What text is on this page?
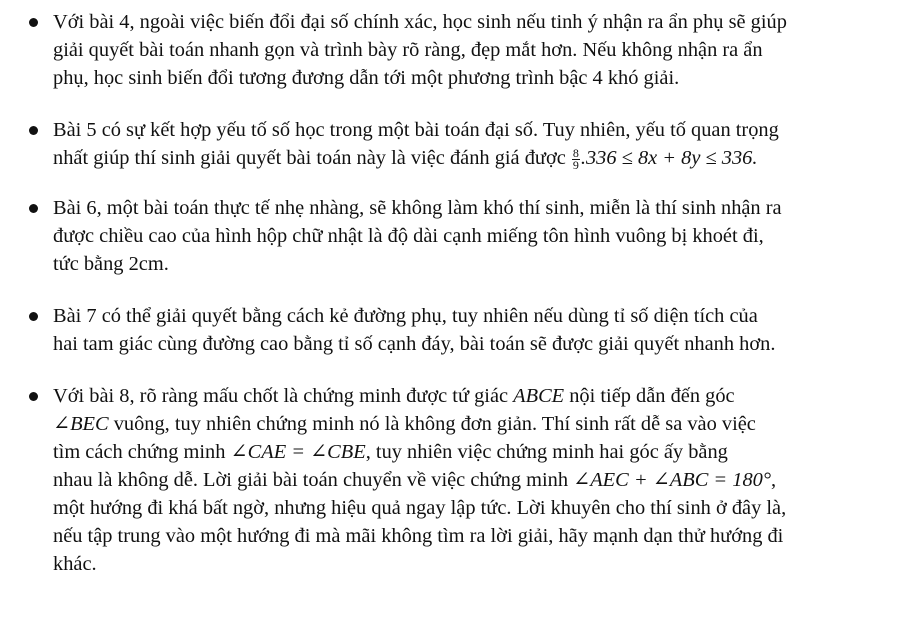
Với bài 4, ngoài việc biến đổi đại số chính xác, học sinh nếu tinh ý nhận ra ẩn phụ sẽ giúp
giải quyết bài toán nhanh gọn và trình bày rõ ràng, đẹp mắt hơn. Nếu không nhận ra ẩn
phụ, học sinh biến đổi tương đương dẫn tới một phương trình bậc 4 khó giải.
Bài 5 có sự kết hợp yếu tố số học trong một bài toán đại số. Tuy nhiên, yếu tố quan trọng
nhất giúp thí sinh giải quyết bài toán này là việc đánh giá được $\frac{8}{9} .336 \le 8x + 8y \le 336$.
Bài 6, một bài toán thực tế nhẹ nhàng, sẽ không làm khó thí sinh, miễn là thí sinh nhận ra
được chiều cao của hình hộp chữ nhật là độ dài cạnh miếng tôn hình vuông bị khoét đi,
tức bằng 2cm.
Bài 7 có thể giải quyết bằng cách kẻ đường phụ, tuy nhiên nếu dùng tỉ số diện tích của
hai tam giác cùng đường cao bằng tỉ số cạnh đáy, bài toán sẽ được giải quyết nhanh hơn.
Với bài 8, rõ ràng mấu chốt là chứng minh được tứ giác ABCE nội tiếp dẫn đến góc
∠BEC vuông, tuy nhiên chứng minh nó là không đơn giản. Thí sinh rất dễ sa vào việc
tìm cách chứng minh ∠CAE = ∠CBE, tuy nhiên việc chứng minh hai góc ấy bằng
nhau là không dễ. Lời giải bài toán chuyển về việc chứng minh ∠AEC + ∠ABC = 180°,
một hướng đi khá bất ngờ, nhưng hiệu quả ngay lập tức. Lời khuyên cho thí sinh ở đây là,
nếu tập trung vào một hướng đi mà mãi không tìm ra lời giải, hãy mạnh dạn thử hướng đi
khác.
